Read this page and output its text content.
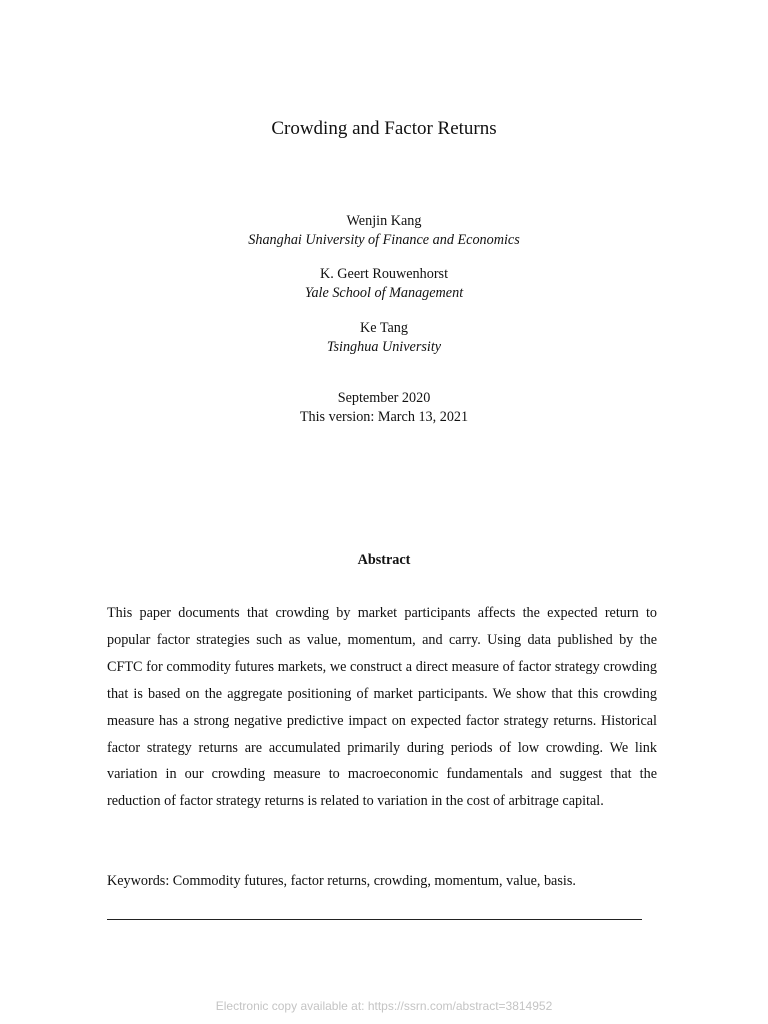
Crowding and Factor Returns
Wenjin Kang
Shanghai University of Finance and Economics
K. Geert Rouwenhorst
Yale School of Management
Ke Tang
Tsinghua University
September 2020
This version: March 13, 2021
Abstract
This paper documents that crowding by market participants affects the expected return to popular factor strategies such as value, momentum, and carry. Using data published by the CFTC for commodity futures markets, we construct a direct measure of factor strategy crowding that is based on the aggregate positioning of market participants. We show that this crowding measure has a strong negative predictive impact on expected factor strategy returns. Historical factor strategy returns are accumulated primarily during periods of low crowding. We link variation in our crowding measure to macroeconomic fundamentals and suggest that the reduction of factor strategy returns is related to variation in the cost of arbitrage capital.
Keywords: Commodity futures, factor returns, crowding, momentum, value, basis.
Electronic copy available at: https://ssrn.com/abstract=3814952
